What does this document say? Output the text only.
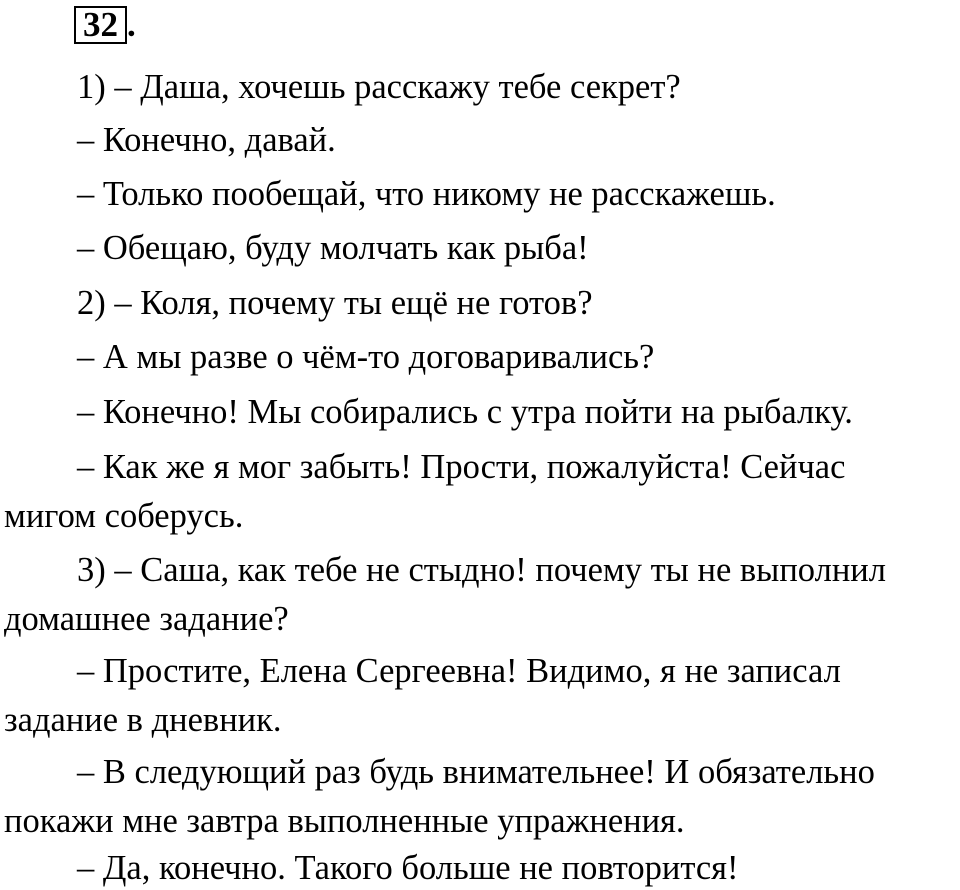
32 .
1) – Даша, хочешь расскажу тебе секрет?
– Конечно, давай.
– Только пообещай, что никому не расскажешь.
– Обещаю, буду молчать как рыба!
2) – Коля, почему ты ещё не готов?
– А мы разве о чём-то договаривались?
– Конечно! Мы собирались с утра пойти на рыбалку.
– Как же я мог забыть! Прости, пожалуйста! Сейчас
мигом соберусь.
3) – Саша, как тебе не стыдно! почему ты не выполнил
домашнее задание?
– Простите, Елена Сергеевна! Видимо, я не записал
задание в дневник.
– В следующий раз будь внимательнее! И обязательно
покажи мне завтра выполненные упражнения.
– Да, конечно. Такого больше не повторится!
